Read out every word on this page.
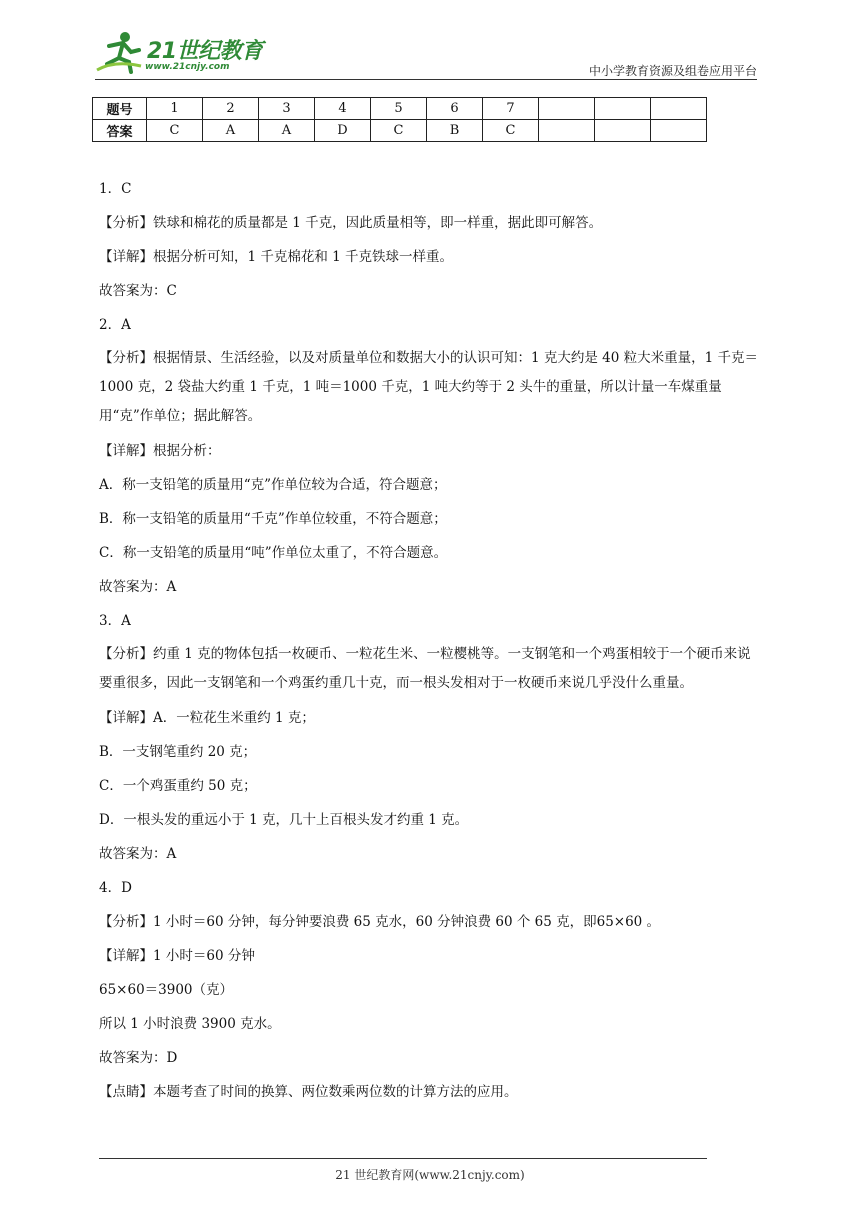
21世纪教育
www.21cnjy.com	中小学教育资源及组卷应用平台
题号	1	2	3	4	5	6	7			
答案	C	A	A	D	C	B	C			

1．C

【分析】铁球和棉花的质量都是 1 千克，因此质量相等，即一样重，据此即可解答。

【详解】根据分析可知，1 千克棉花和 1 千克铁球一样重。

故答案为：C

2．A

【分析】根据情景、生活经验，以及对质量单位和数据大小的认识可知：1 克大约是 40 粒大米重量，1 千克＝1000 克，2 袋盐大约重 1 千克，1 吨＝1000 千克，1 吨大约等于 2 头牛的重量，所以计量一车煤重量用“克”作单位；据此解答。

【详解】根据分析：

A．称一支铅笔的质量用“克”作单位较为合适，符合题意；

B．称一支铅笔的质量用“千克”作单位较重，不符合题意；

C．称一支铅笔的质量用“吨”作单位太重了，不符合题意。

故答案为：A

3．A

【分析】约重 1 克的物体包括一枚硬币、一粒花生米、一粒樱桃等。一支钢笔和一个鸡蛋相较于一个硬币来说要重很多，因此一支钢笔和一个鸡蛋约重几十克，而一根头发相对于一枚硬币来说几乎没什么重量。

【详解】A．一粒花生米重约 1 克；

B．一支钢笔重约 20 克；

C．一个鸡蛋重约 50 克；

D．一根头发的重远小于 1 克，几十上百根头发才约重 1 克。

故答案为：A

4．D

【分析】1 小时＝60 分钟，每分钟要浪费 65 克水，60 分钟浪费 60 个 65 克，即65×60 。

【详解】1 小时＝60 分钟

65×60＝3900（克）

所以 1 小时浪费 3900 克水。

故答案为：D

【点睛】本题考查了时间的换算、两位数乘两位数的计算方法的应用。

21 世纪教育网(www.21cnjy.com)
